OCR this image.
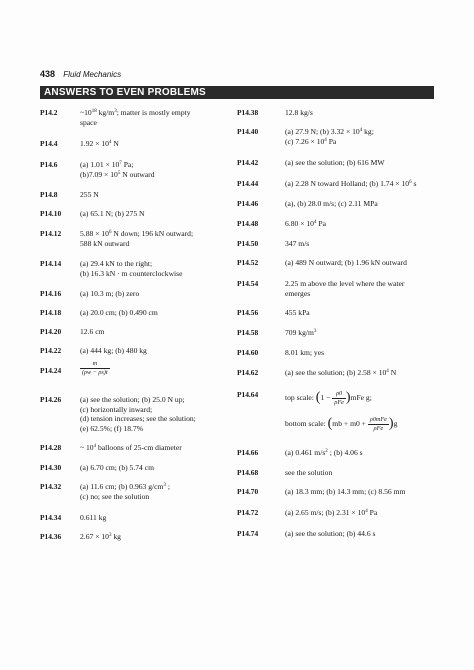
438 Fluid Mechanics
ANSWERS TO EVEN PROBLEMS
P14.2	$\sim 10^{18}$ $kg/m^3$; matter is mostly empty
space
P14.4	$1.92 \times 10^4$ N
P14.6	(a) $1.01 \times 10^7$ Pa;
$(b)7.09 \times 10^5$ N outward
P14.8	255 N
P14.10 (a) 65.1 N; (b) 275 N
P14.12 $5.88 \times 10^6$ N down; 196 kN outward;
588 kN outward
P14.14 (a) 29.4 kN to the right;
(b) 16.3 kN · m counterclockwise
P14.16 (a) 10.3 m; (b) zero
P14.18 (a) 20.0 cm; (b) 0.490 cm
P14.20 12.6 cm
P14.22 (a) 444 kg; (b) 480 kg
P14.24	$\frac{m}{(\rho w - \rho s)t}$
P14.26 (a) see the solution; (b) 25.0 N up;
(c) horizontally inward;
(d) tension increases; see the solution;
(e) 62.5%; (f) 18.7%
P14.28 ~ $10^4$ balloons of 25-cm diameter
P14.30 (a) 6.70 cm; (b) 5.74 cm
P14.32 (a) 11.6 cm; (b) 0.963 $g/cm^3$ ;
(c) no; see the solution
P14.34 0.611 kg
P14.36 $2.67 \times 10^3$ kg
P14.38	12.8 kg/s
P14.40	(a) 27.9 N; (b) $3.32 \times 10^4$ kg;
(c) $7.26 \times 10^4$ Pa
P14.42	(a) see the solution; (b) 616 MW
P14.44	(a) 2.28 N toward Holland; (b) $1.74 \times 10^6$ s
P14.46	(a), (b) 28.0 m/s; (c) 2.11 MPa
P14.48	$6.80 \times 10^4$ Pa
P14.50	347 m/s
P14.52	(a) 489 N outward; (b) 1.96 kN outward
P14.54	2.25 m above the level where the water
emerges
P14.56	455 kPa
P14.58	709 $kg/m^3$
P14.60	8.01 km; yes
P14.62	(a) see the solution; (b) $2.58 \times 10^4$ N
P14.64	top scale: $(1 - \frac{\rho 0}{\text{ρFe}} )mFe$ g;
bottom scale: $(mb + m0 + \frac{\text{ρ0mFe}}{\text{ρFe}} )g$
P14.66	(a) 0.461 $m/s^2$ ; (b) 4.06 s
P14.68	see the solution
P14.70	(a) 18.3 mm; (b) 14.3 mm; (c) 8.56 mm
P14.72	(a) 2.65 m/s; (b) $2.31 \times 10^4$ Pa
P14.74	(a) see the solution; (b) 44.6 s
